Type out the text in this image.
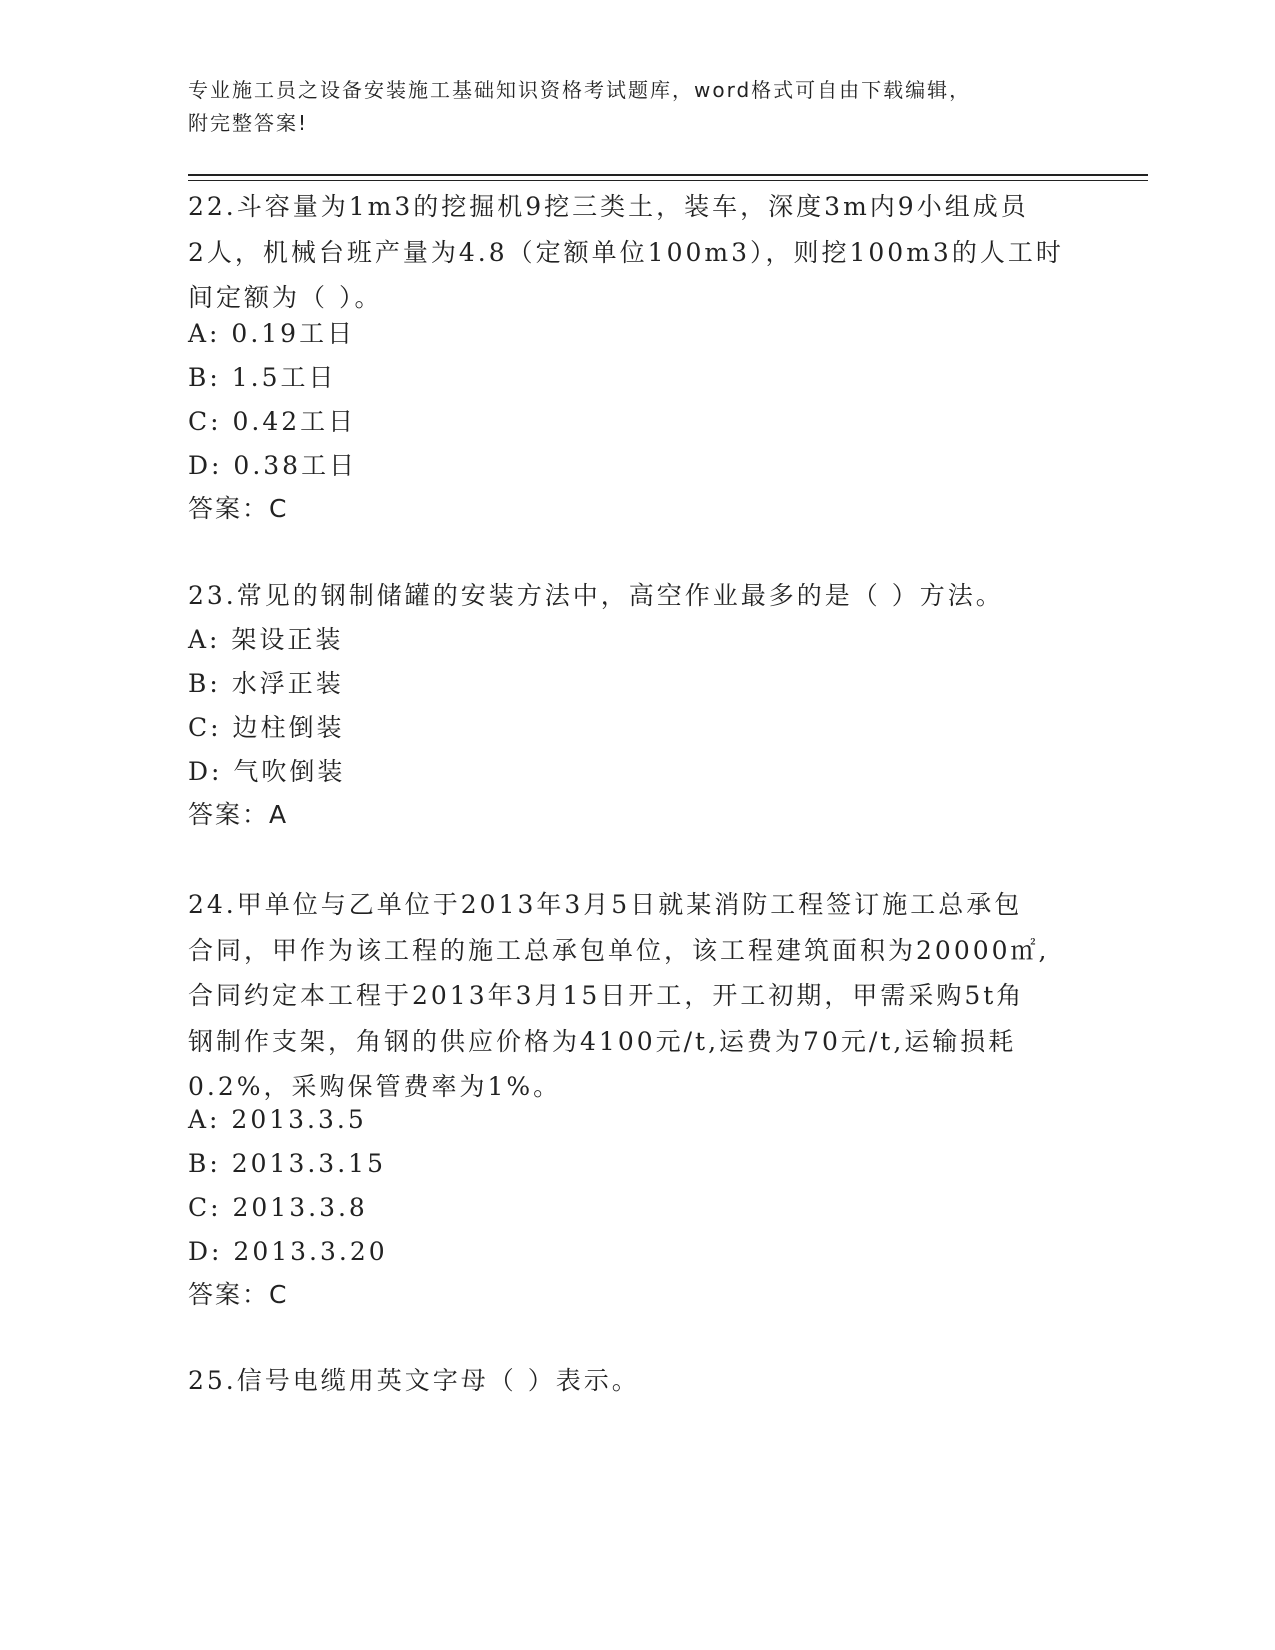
专业施工员之设备安装施工基础知识资格考试题库，word格式可自由下载编辑，
附完整答案!
22.斗容量为1m3的挖掘机9挖三类土，装车，深度3m内9小组成员
2人，机械台班产量为4.8（定额单位100m3），则挖100m3的人工时
间定额为（ ）。
A: 0.19工日
B: 1.5工日
C: 0.42工日
D: 0.38工日
答案：C
23.常见的钢制储罐的安装方法中，高空作业最多的是（ ）方法。
A: 架设正装
B: 水浮正装
C: 边柱倒装
D: 气吹倒装
答案：A
24.甲单位与乙单位于2013年3月5日就某消防工程签订施工总承包
合同，甲作为该工程的施工总承包单位，该工程建筑面积为20000㎡,
合同约定本工程于2013年3月15日开工，开工初期，甲需采购5t角
钢制作支架，角钢的供应价格为4100元/t,运费为70元/t,运输损耗
0.2%，采购保管费率为1%。
A: 2013.3.5
B: 2013.3.15
C: 2013.3.8
D: 2013.3.20
答案：C
25.信号电缆用英文字母（ ）表示。
